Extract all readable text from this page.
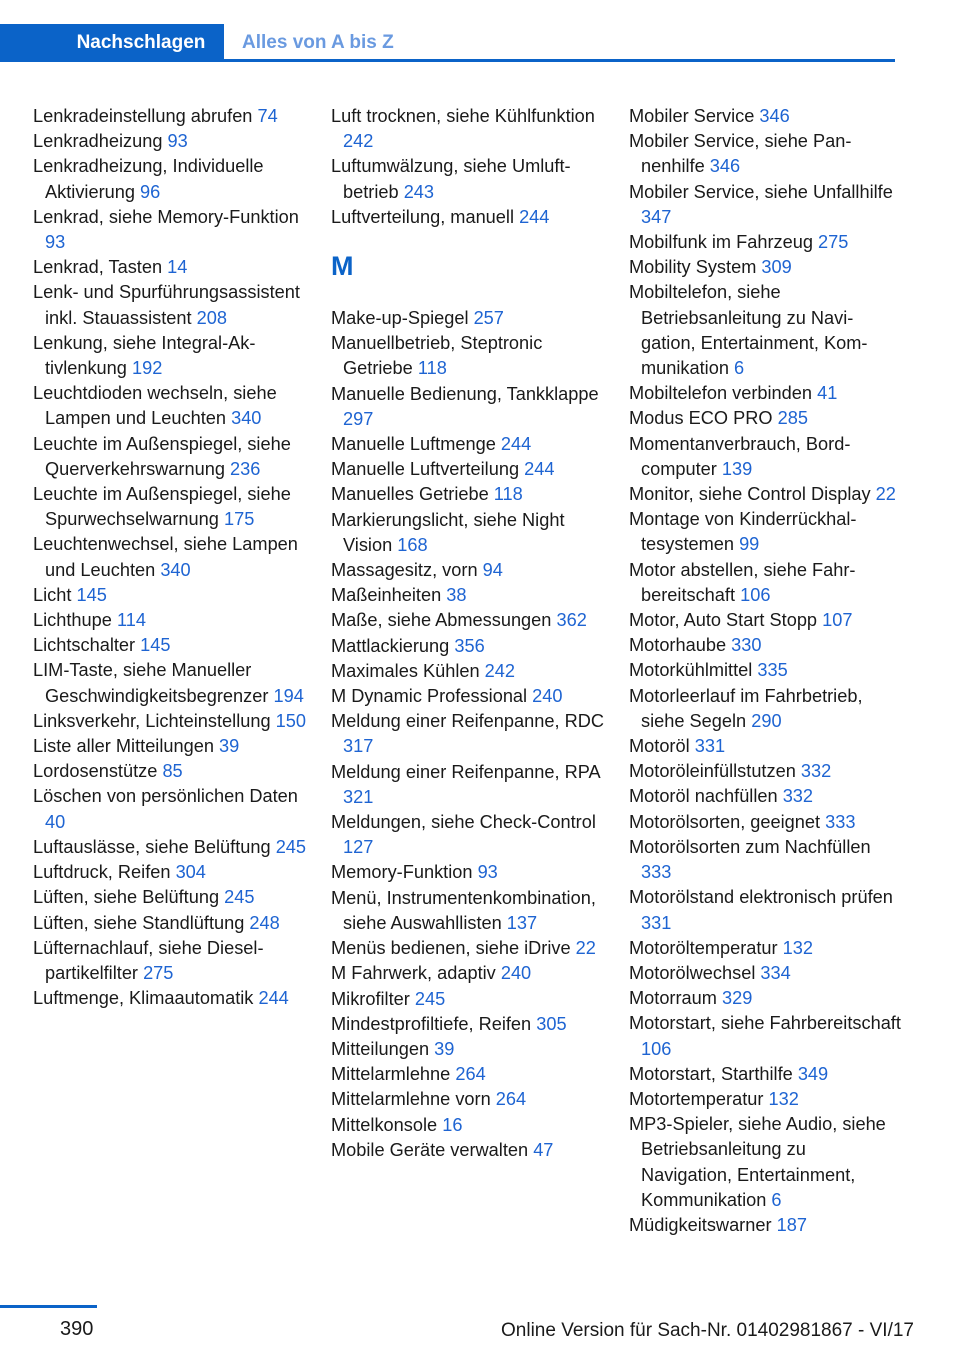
Nachschlagen Alles von A bis Z
Lenkradeinstellung abrufen 74
Lenkradheizung 93
Lenkradheizung, Individuelle Aktivierung 96
Lenkrad, siehe Memory-Funktion 93
Lenkrad, Tasten 14
Lenk- und Spurführungsassistent inkl. Stauassistent 208
Lenkung, siehe Integral-Aktivlenkung 192
Leuchtdioden wechseln, siehe Lampen und Leuchten 340
Leuchte im Außenspiegel, siehe Querverkehrswarnung 236
Leuchte im Außenspiegel, siehe Spurwechselwarnung 175
Leuchtenwechsel, siehe Lampen und Leuchten 340
Licht 145
Lichthupe 114
Lichtschalter 145
LIM-Taste, siehe Manueller Geschwindigkeitsbegrenzer 194
Linksverkehr, Lichteinstellung 150
Liste aller Mitteilungen 39
Lordosenstütze 85
Löschen von persönlichen Daten 40
Luftauslässe, siehe Belüftung 245
Luftdruck, Reifen 304
Lüften, siehe Belüftung 245
Lüften, siehe Standlüftung 248
Lüfternachlauf, siehe Dieselpartikelfilter 275
Luftmenge, Klimaautomatik 244
Luft trocknen, siehe Kühlfunktion 242
Luftumwälzung, siehe Umluftbetrieb 243
Luftverteilung, manuell 244
M
Make-up-Spiegel 257
Manuellbetrieb, Steptronic Getriebe 118
Manuelle Bedienung, Tankklappe 297
Manuelle Luftmenge 244
Manuelle Luftverteilung 244
Manuelles Getriebe 118
Markierungslicht, siehe Night Vision 168
Massagesitz, vorn 94
Maßeinheiten 38
Maße, siehe Abmessungen 362
Mattlackierung 356
Maximales Kühlen 242
M Dynamic Professional 240
Meldung einer Reifenpanne, RDC 317
Meldung einer Reifenpanne, RPA 321
Meldungen, siehe Check-Control 127
Memory-Funktion 93
Menü, Instrumentenkombination, siehe Auswahllisten 137
Menüs bedienen, siehe iDrive 22
M Fahrwerk, adaptiv 240
Mikrofilter 245
Mindestprofiltiefe, Reifen 305
Mitteilungen 39
Mittelarmlehne 264
Mittelarmlehne vorn 264
Mittelkonsole 16
Mobile Geräte verwalten 47
Mobiler Service 346
Mobiler Service, siehe Pannenhilfe 346
Mobiler Service, siehe Unfallhilfe 347
Mobilfunk im Fahrzeug 275
Mobility System 309
Mobiltelefon, siehe Betriebsanleitung zu Navigation, Entertainment, Kommunikation 6
Mobiltelefon verbinden 41
Modus ECO PRO 285
Momentanverbrauch, Bordcomputer 139
Monitor, siehe Control Display 22
Montage von Kinderrückhaltesystemen 99
Motor abstellen, siehe Fahrbereitschaft 106
Motor, Auto Start Stopp 107
Motorhaube 330
Motorkühlmittel 335
Motorleerlauf im Fahrbetrieb, siehe Segeln 290
Motoröl 331
Motoröleinfüllstutzen 332
Motoröl nachfüllen 332
Motorölsorten, geeignet 333
Motorölsorten zum Nachfüllen 333
Motorölstand elektronisch prüfen 331
Motoröltemperatur 132
Motorölwechsel 334
Motorraum 329
Motorstart, siehe Fahrbereitschaft 106
Motorstart, Starthilfe 349
Motortemperatur 132
MP3-Spieler, siehe Audio, siehe Betriebsanleitung zu Navigation, Entertainment, Kommunikation 6
Müdigkeitswarner 187
390	Online Version für Sach-Nr. 01402981867 - VI/17
